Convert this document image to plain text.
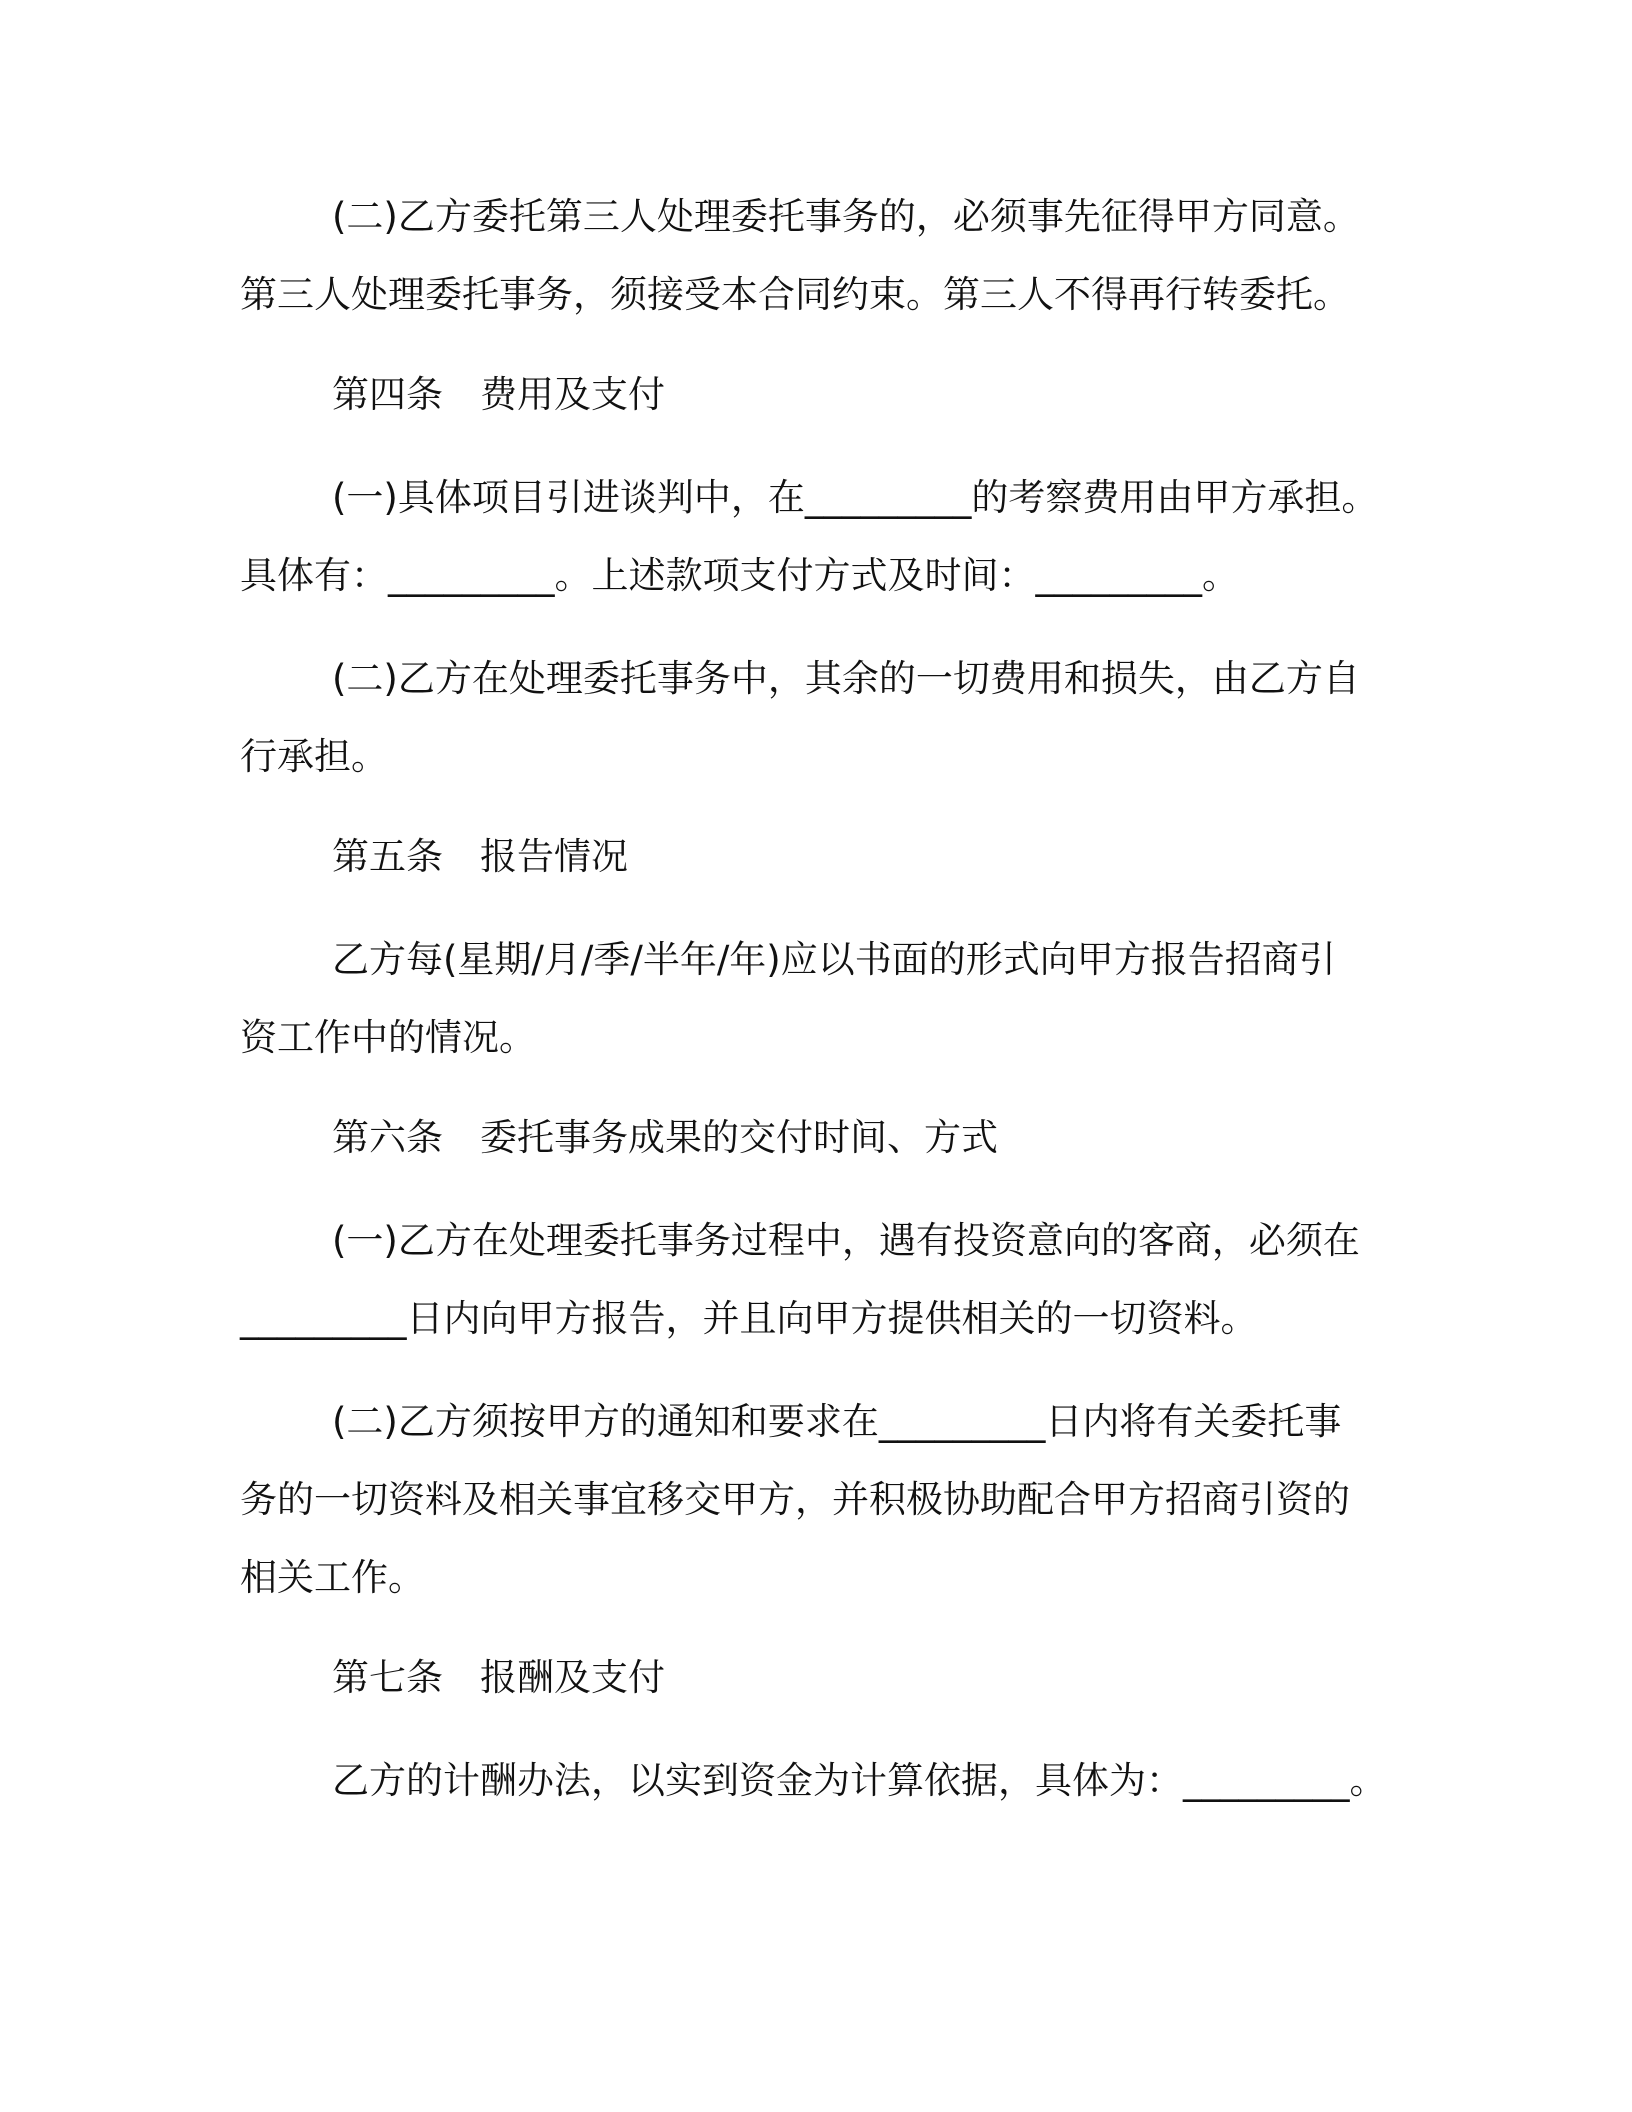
(二)乙方委托第三人处理委托事务的，必须事先征得甲方同意。

第三人处理委托事务，须接受本合同约束。第三人不得再行转委托。

第四条　费用及支付

(一)具体项目引进谈判中，在_________的考察费用由甲方承担。

具体有：_________。上述款项支付方式及时间：_________。

(二)乙方在处理委托事务中，其余的一切费用和损失，由乙方自

行承担。

第五条　报告情况

乙方每(星期/月/季/半年/年)应以书面的形式向甲方报告招商引

资工作中的情况。

第六条　委托事务成果的交付时间、方式

(一)乙方在处理委托事务过程中，遇有投资意向的客商，必须在

_________日内向甲方报告，并且向甲方提供相关的一切资料。

(二)乙方须按甲方的通知和要求在_________日内将有关委托事

务的一切资料及相关事宜移交甲方，并积极协助配合甲方招商引资的

相关工作。

第七条　报酬及支付

乙方的计酬办法，以实到资金为计算依据，具体为：_________。
